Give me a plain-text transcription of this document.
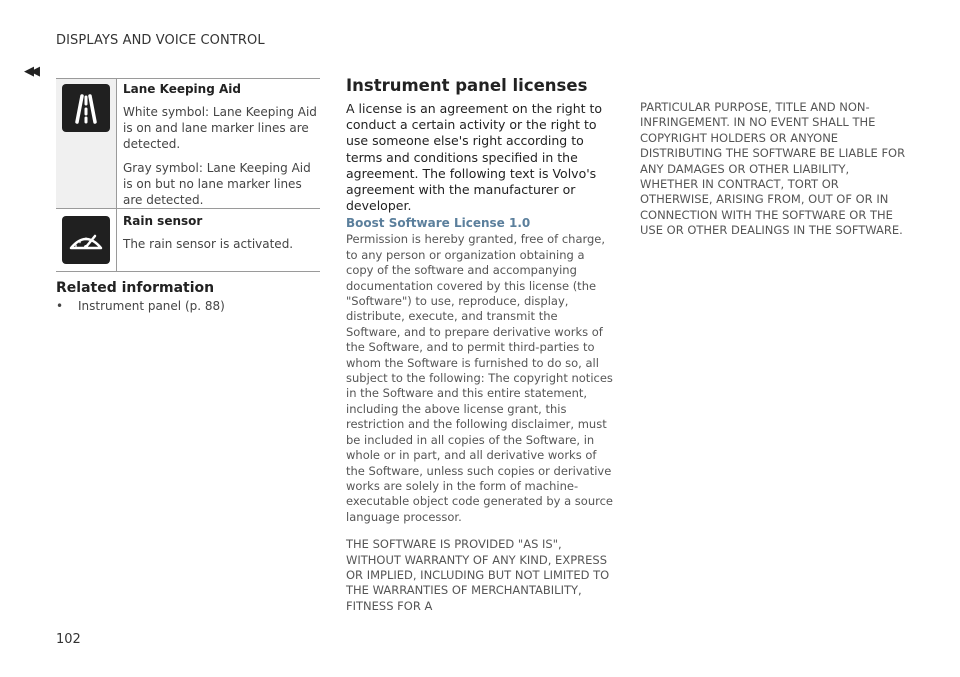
DISPLAYS AND VOICE CONTROL
◀◀

Lane Keeping Aid

White symbol: Lane Keeping Aid is on and lane marker lines are detected.

Gray symbol: Lane Keeping Aid is on but no lane marker lines are detected.

Rain sensor

The rain sensor is activated.

Related information
• Instrument panel (p. 88)
Instrument panel licenses

A license is an agreement on the right to conduct a certain activity or the right to use someone else's right according to terms and conditions specified in the agreement. The following text is Volvo's agreement with the manufacturer or developer.

Boost Software License 1.0

Permission is hereby granted, free of charge, to any person or organization obtaining a copy of the software and accompanying documentation covered by this license (the "Software") to use, reproduce, display, distribute, execute, and transmit the Software, and to prepare derivative works of the Software, and to permit third-parties to whom the Software is furnished to do so, all subject to the following: The copyright notices in the Software and this entire statement, including the above license grant, this restriction and the following disclaimer, must be included in all copies of the Software, in whole or in part, and all derivative works of the Software, unless such copies or derivative works are solely in the form of machine-executable object code generated by a source language processor.

THE SOFTWARE IS PROVIDED "AS IS", WITHOUT WARRANTY OF ANY KIND, EXPRESS OR IMPLIED, INCLUDING BUT NOT LIMITED TO THE WARRANTIES OF MERCHANTABILITY, FITNESS FOR A

PARTICULAR PURPOSE, TITLE AND NON-INFRINGEMENT. IN NO EVENT SHALL THE COPYRIGHT HOLDERS OR ANYONE DISTRIBUTING THE SOFTWARE BE LIABLE FOR ANY DAMAGES OR OTHER LIABILITY, WHETHER IN CONTRACT, TORT OR OTHERWISE, ARISING FROM, OUT OF OR IN CONNECTION WITH THE SOFTWARE OR THE USE OR OTHER DEALINGS IN THE SOFTWARE.

102
